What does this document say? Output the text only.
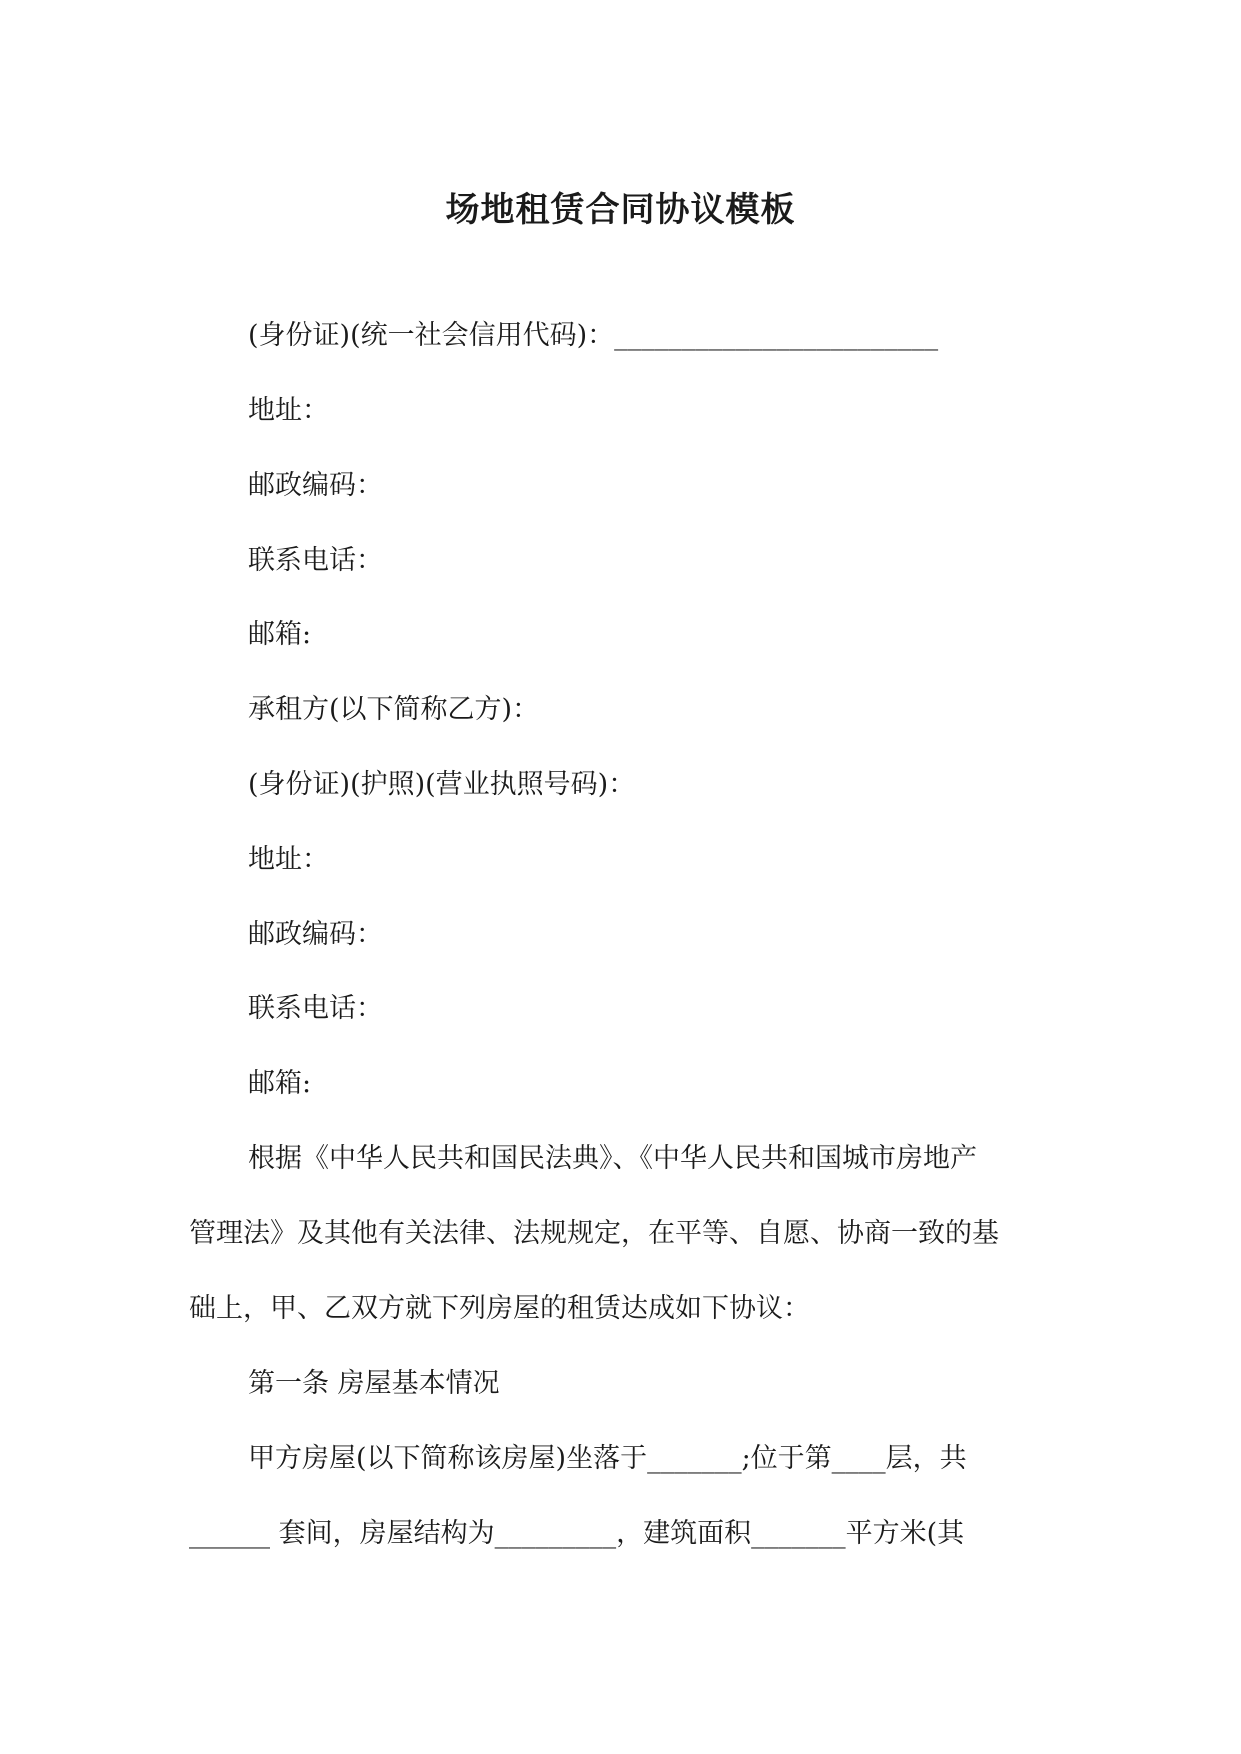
场地租赁合同协议模板
(身份证)(统一社会信用代码)：________________________
地址：
邮政编码：
联系电话：
邮箱:
承租方(以下简称乙方)：
(身份证)(护照)(营业执照号码)：
地址：
邮政编码：
联系电话：
邮箱:
根据《中华人民共和国民法典》、《中华人民共和国城市房地产
管理法》及其他有关法律、法规规定，在平等、自愿、协商一致的基
础上，甲、乙双方就下列房屋的租赁达成如下协议：
第一条 房屋基本情况
甲方房屋(以下简称该房屋)坐落于_______;位于第____层，共
______ 套间，房屋结构为_________，建筑面积_______平方米(其
